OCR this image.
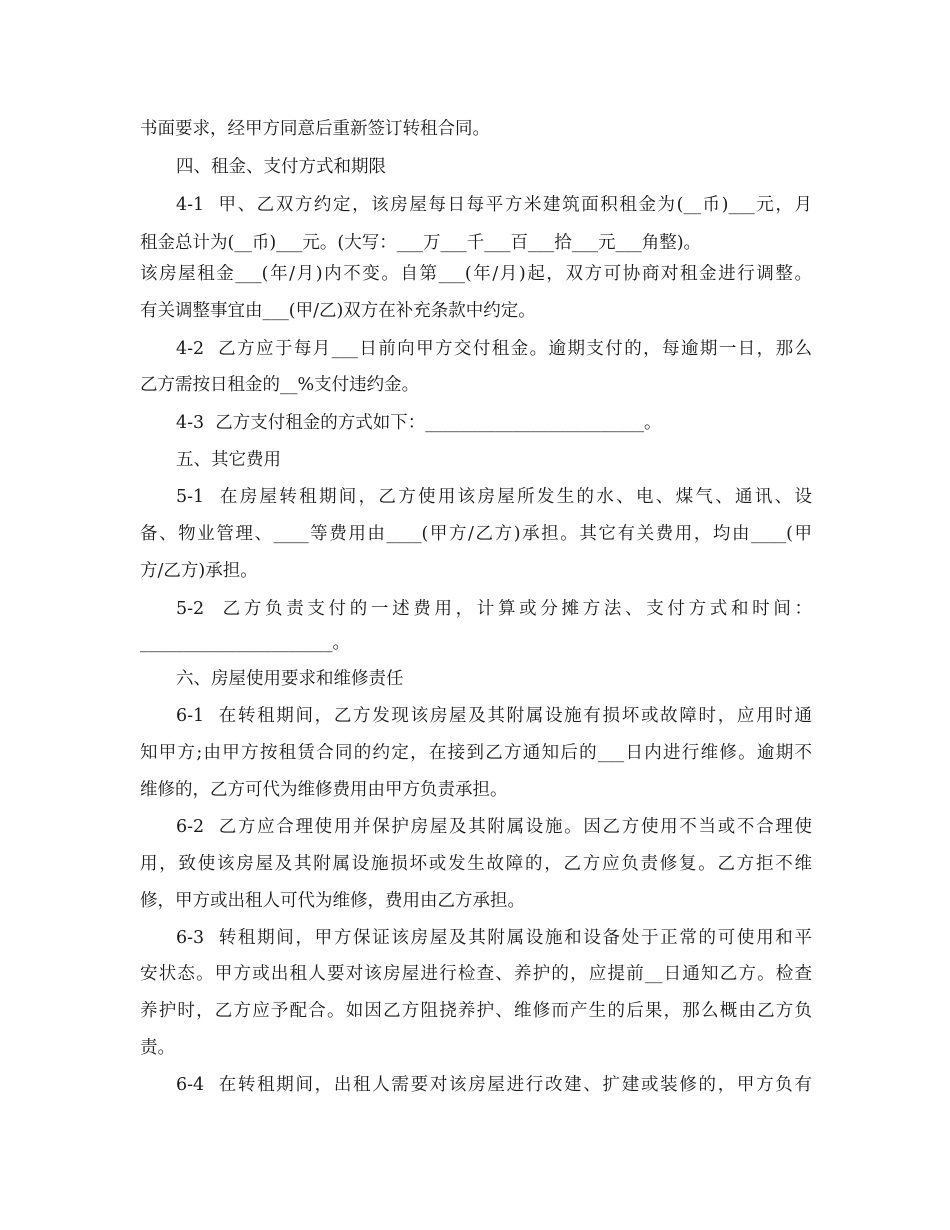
书面要求，经甲方同意后重新签订转租合同。
四、租金、支付方式和期限
4-1  甲、乙双方约定，该房屋每日每平方米建筑面积租金为(__币)___元，月
租金总计为(__币)___元。(大写：___万___千___百___拾___元___角整)。
该房屋租金___(年/月)内不变。自第___(年/月)起，双方可协商对租金进行调整。
有关调整事宜由___(甲/乙)双方在补充条款中约定。
4-2  乙方应于每月___日前向甲方交付租金。逾期支付的，每逾期一日，那么
乙方需按日租金的__%支付违约金。
4-3  乙方支付租金的方式如下：_________________________。
五、其它费用
5-1  在房屋转租期间，乙方使用该房屋所发生的水、电、煤气、通讯、设
备、物业管理、____等费用由____(甲方/乙方)承担。其它有关费用，均由____(甲
方/乙方)承担。
5-2  乙方负责支付的一述费用，计算或分摊方法、支付方式和时间：
______________________。
六、房屋使用要求和维修责任
6-1  在转租期间，乙方发现该房屋及其附属设施有损坏或故障时，应用时通
知甲方;由甲方按租赁合同的约定，在接到乙方通知后的___日内进行维修。逾期不
维修的，乙方可代为维修费用由甲方负责承担。
6-2  乙方应合理使用并保护房屋及其附属设施。因乙方使用不当或不合理使
用，致使该房屋及其附属设施损坏或发生故障的，乙方应负责修复。乙方拒不维
修，甲方或出租人可代为维修，费用由乙方承担。
6-3  转租期间，甲方保证该房屋及其附属设施和设备处于正常的可使用和平
安状态。甲方或出租人要对该房屋进行检查、养护的，应提前__日通知乙方。检查
养护时，乙方应予配合。如因乙方阻挠养护、维修而产生的后果，那么概由乙方负
责。
6-4  在转租期间，出租人需要对该房屋进行改建、扩建或装修的，甲方负有
